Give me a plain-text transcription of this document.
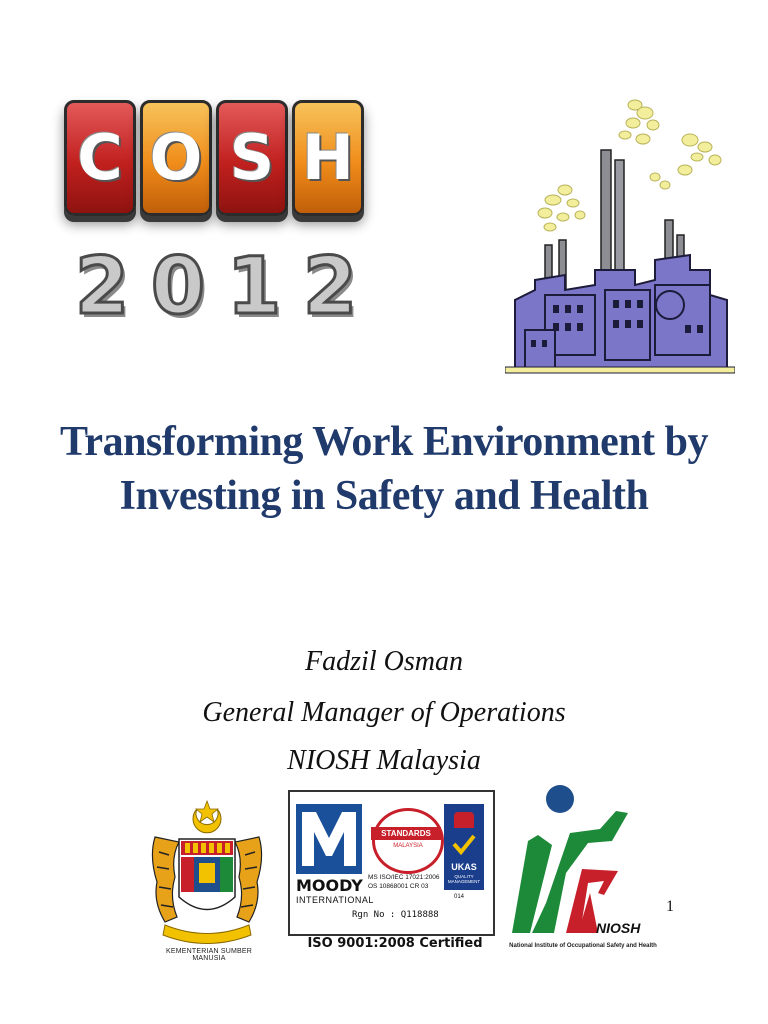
C O S H
2 0 1 2
Transforming Work Environment by
Investing in Safety and Health
Fadzil Osman
General Manager of Operations
NIOSH Malaysia
KEMENTERIAN SUMBER MANUSIA
MOODY
INTERNATIONAL
STANDARDS
MALAYSIA
MS ISO/IEC 17021:2006
OS 10868001 CR 03
UKAS
QUALITY MANAGEMENT
014
Rgn No : Q118888
ISO 9001:2008 Certified
NIOSH
National Institute of Occupational Safety and Health
1
